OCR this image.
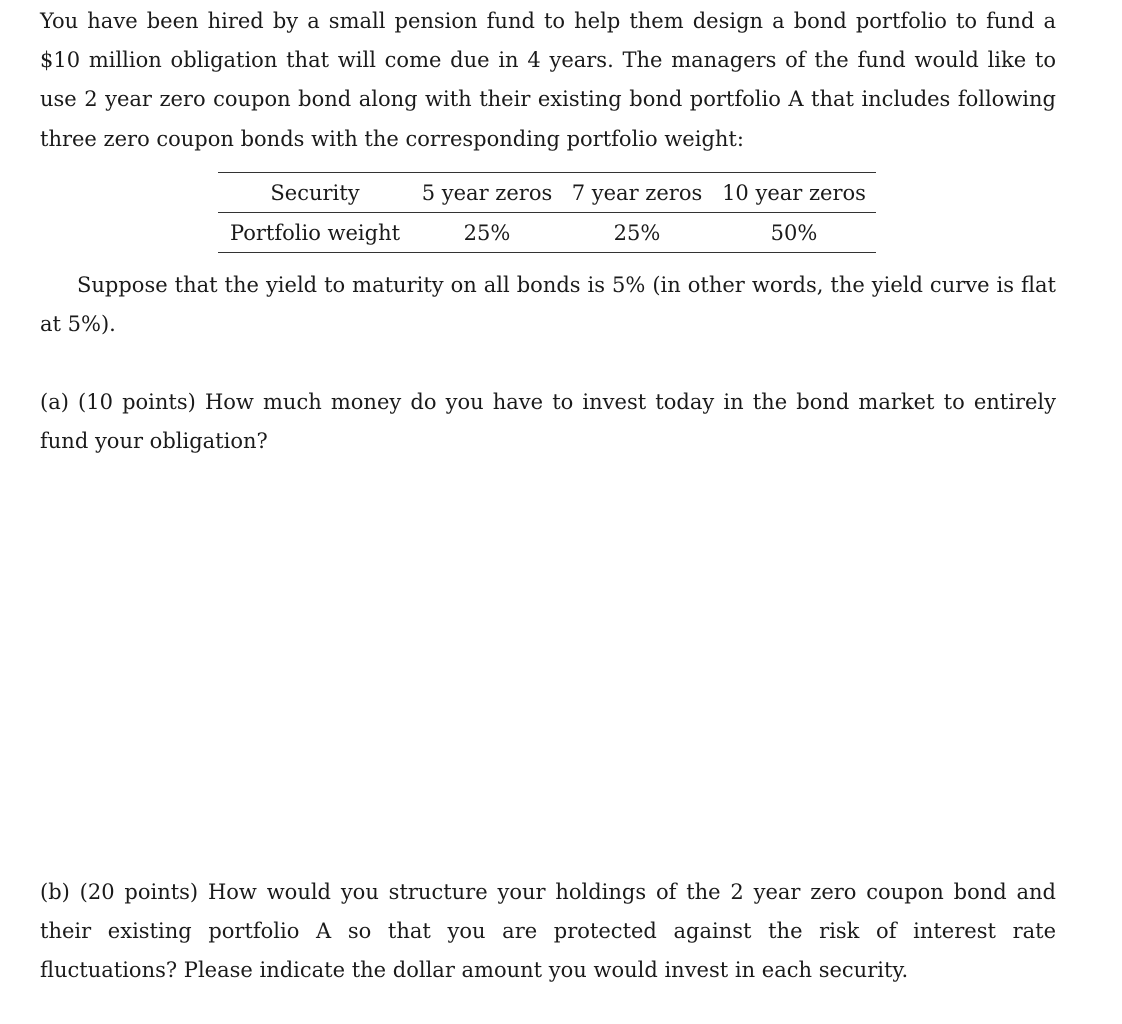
You have been hired by a small pension fund to help them design a bond portfolio to fund a $10 million obligation that will come due in 4 years. The managers of the fund would like to use 2 year zero coupon bond along with their existing bond portfolio A that includes following three zero coupon bonds with the corresponding portfolio weight:

Security	5 year zeros	7 year zeros	10 year zeros
Portfolio weight	25%	25%	50%

Suppose that the yield to maturity on all bonds is 5% (in other words, the yield curve is flat at 5%).

(a) (10 points) How much money do you have to invest today in the bond market to entirely fund your obligation?

(b) (20 points) How would you structure your holdings of the 2 year zero coupon bond and their existing portfolio A so that you are protected against the risk of interest rate fluctuations? Please indicate the dollar amount you would invest in each security.
